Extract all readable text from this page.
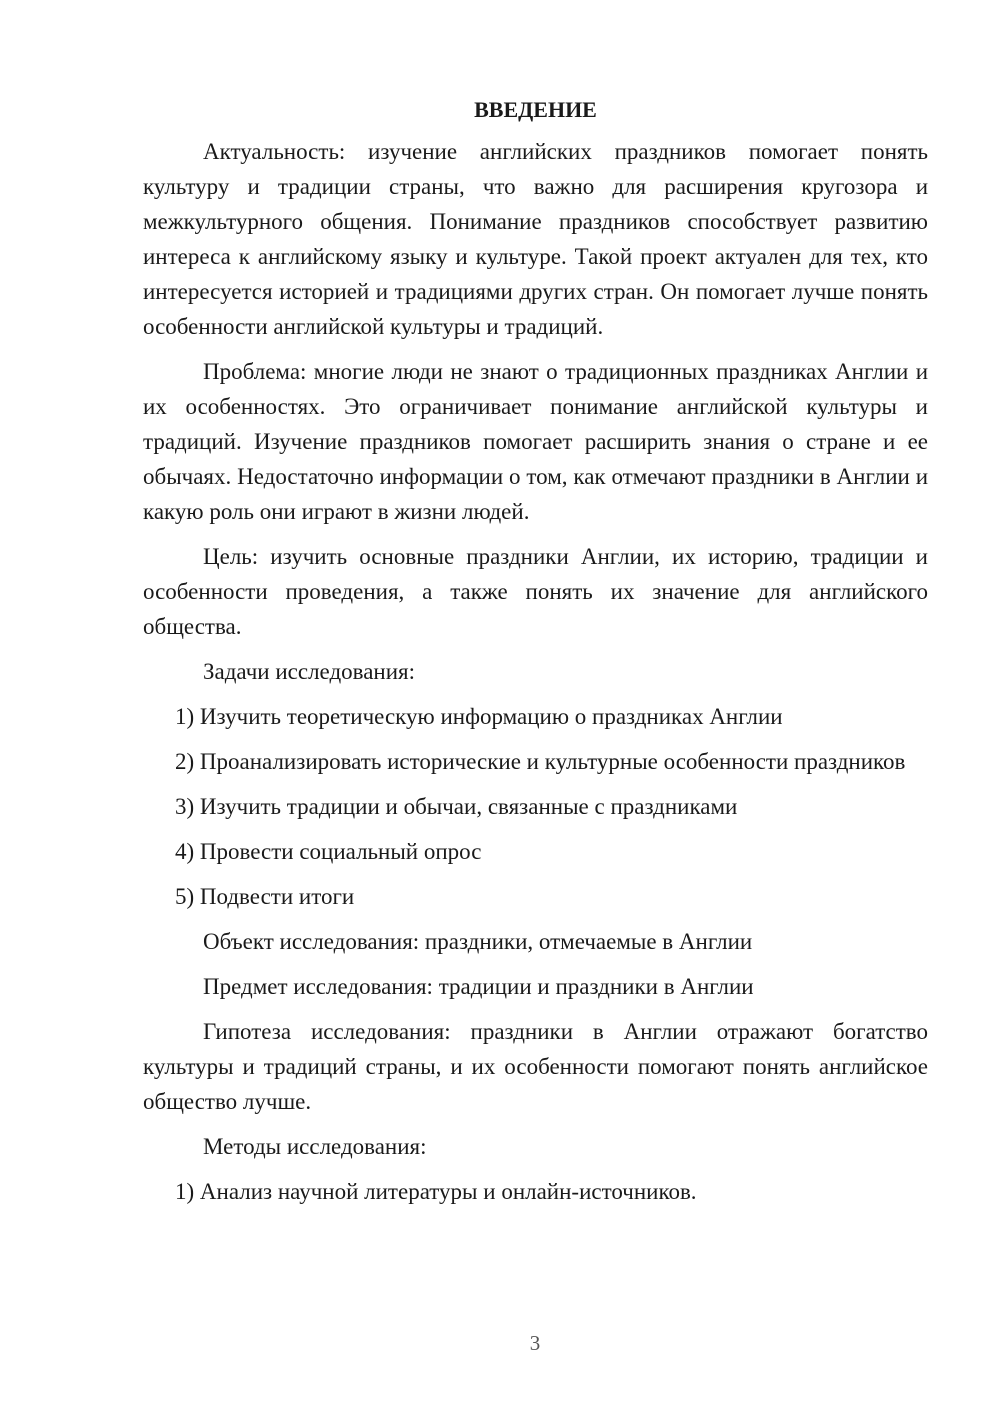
ВВЕДЕНИЕ

Актуальность: изучение английских праздников помогает понять культуру и традиции страны, что важно для расширения кругозора и межкультурного общения. Понимание праздников способствует развитию интереса к английскому языку и культуре. Такой проект актуален для тех, кто интересуется историей и традициями других стран. Он помогает лучше понять особенности английской культуры и традиций.

Проблема: многие люди не знают о традиционных праздниках Англии и их особенностях. Это ограничивает понимание английской культуры и традиций. Изучение праздников помогает расширить знания о стране и ее обычаях. Недостаточно информации о том, как отмечают праздники в Англии и какую роль они играют в жизни людей.

Цель: изучить основные праздники Англии, их историю, традиции и особенности проведения, а также понять их значение для английского общества.

Задачи исследования:

1) Изучить теоретическую информацию о праздниках Англии

2) Проанализировать исторические и культурные особенности праздников

3) Изучить традиции и обычаи, связанные с праздниками

4) Провести социальный опрос

5) Подвести итоги

Объект исследования: праздники, отмечаемые в Англии
Предмет исследования: традиции и праздники в Англии

Гипотеза исследования: праздники в Англии отражают богатство культуры и традиций страны, и их особенности помогают понять английское общество лучше.

Методы исследования:

1) Анализ научной литературы и онлайн-источников.

3
